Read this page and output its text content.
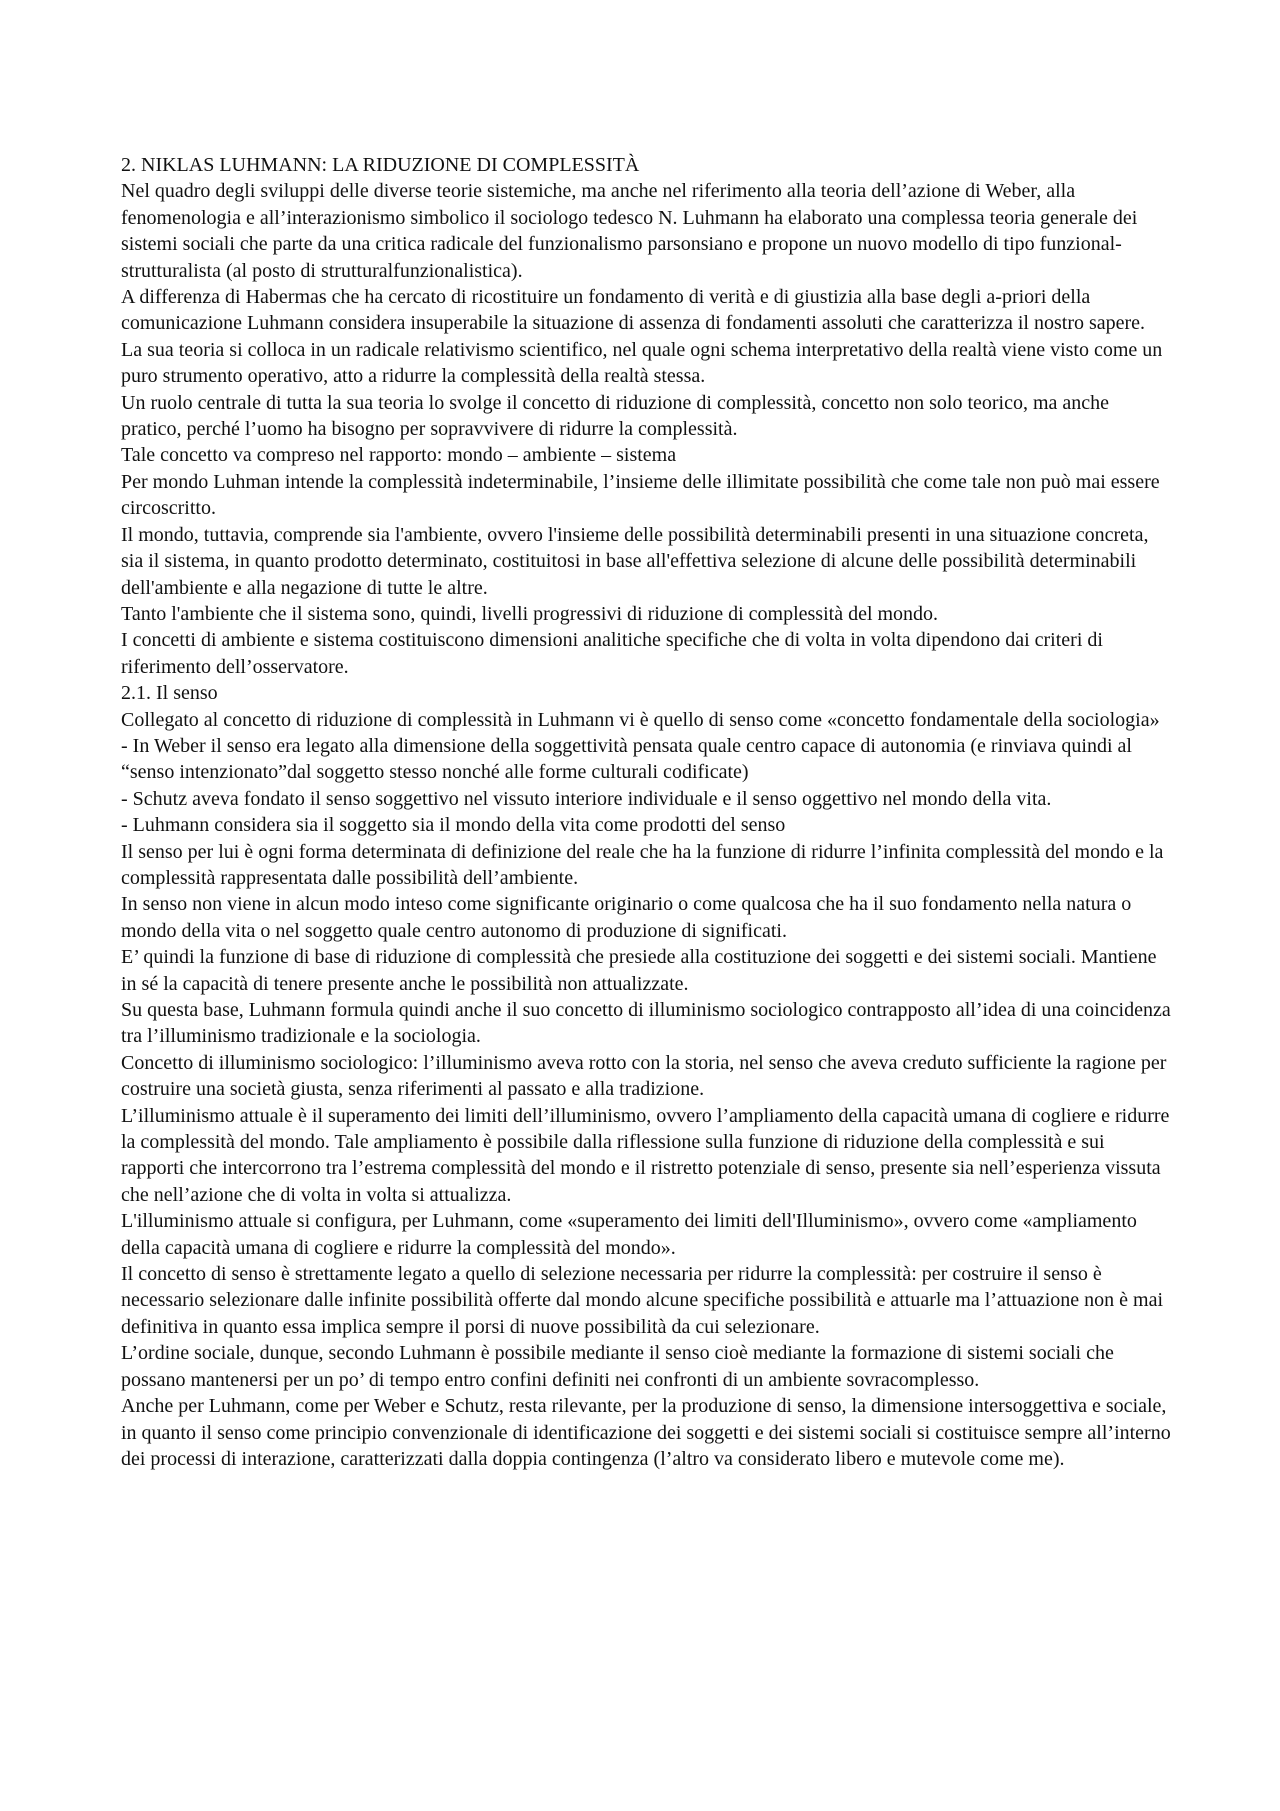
2. NIKLAS LUHMANN: LA RIDUZIONE DI COMPLESSITÀ

Nel quadro degli sviluppi delle diverse teorie sistemiche, ma anche nel riferimento alla teoria dell’azione di Weber, alla fenomenologia e all’interazionismo simbolico il sociologo tedesco N. Luhmann ha elaborato una complessa teoria generale dei sistemi sociali che parte da una critica radicale del funzionalismo parsonsiano e propone un nuovo modello di tipo funzional-strutturalista (al posto di strutturalfunzionalistica).

A differenza di Habermas che ha cercato di ricostituire un fondamento di verità e di giustizia alla base degli a-priori della comunicazione Luhmann considera insuperabile la situazione di assenza di fondamenti assoluti che caratterizza il nostro sapere. La sua teoria si colloca in un radicale relativismo scientifico, nel quale ogni schema interpretativo della realtà viene visto come un puro strumento operativo, atto a ridurre la complessità della realtà stessa.

Un ruolo centrale di tutta la sua teoria lo svolge il concetto di riduzione di complessità, concetto non solo teorico, ma anche pratico, perché l’uomo ha bisogno per sopravvivere di ridurre la complessità.

Tale concetto va compreso nel rapporto: mondo – ambiente – sistema

Per mondo Luhman intende la complessità indeterminabile, l’insieme delle illimitate possibilità che come tale non può mai essere circoscritto.

Il mondo, tuttavia, comprende sia l'ambiente, ovvero l'insieme delle possibilità determinabili presenti in una situazione concreta, sia il sistema, in quanto prodotto determinato, costituitosi in base all'effettiva selezione di alcune delle possibilità determinabili dell'ambiente e alla negazione di tutte le altre.

Tanto l'ambiente che il sistema sono, quindi, livelli progressivi di riduzione di complessità del mondo.

I concetti di ambiente e sistema costituiscono dimensioni analitiche specifiche che di volta in volta dipendono dai criteri di riferimento dell’osservatore.

2.1. Il senso

Collegato al concetto di riduzione di complessità in Luhmann vi è quello di senso come «concetto fondamentale della sociologia»

- In Weber il senso era legato alla dimensione della soggettività pensata quale centro capace di autonomia (e rinviava quindi al “senso intenzionato”dal soggetto stesso nonché alle forme culturali codificate)

- Schutz aveva fondato il senso soggettivo nel vissuto interiore individuale e il senso oggettivo nel mondo della vita.

- Luhmann considera sia il soggetto sia il mondo della vita come prodotti del senso

Il senso per lui è ogni forma determinata di definizione del reale che ha la funzione di ridurre l’infinita complessità del mondo e la complessità rappresentata dalle possibilità dell’ambiente.

In senso non viene in alcun modo inteso come significante originario o come qualcosa che ha il suo fondamento nella natura o mondo della vita o nel soggetto quale centro autonomo di produzione di significati.

E’ quindi la funzione di base di riduzione di complessità che presiede alla costituzione dei soggetti e dei sistemi sociali. Mantiene in sé la capacità di tenere presente anche le possibilità non attualizzate.

Su questa base, Luhmann formula quindi anche il suo concetto di illuminismo sociologico contrapposto all’idea di una coincidenza tra l’illuminismo tradizionale e la sociologia.

Concetto di illuminismo sociologico: l’illuminismo aveva rotto con la storia, nel senso che aveva creduto sufficiente la ragione per costruire una società giusta, senza riferimenti al passato e alla tradizione.

L’illuminismo attuale è il superamento dei limiti dell’illuminismo, ovvero l’ampliamento della capacità umana di cogliere e ridurre la complessità del mondo. Tale ampliamento è possibile dalla riflessione sulla funzione di riduzione della complessità e sui rapporti che intercorrono tra l’estrema complessità del mondo e il ristretto potenziale di senso, presente sia nell’esperienza vissuta che nell’azione che di volta in volta si attualizza.

L'illuminismo attuale si configura, per Luhmann, come «superamento dei limiti dell'Illuminismo», ovvero come «ampliamento della capacità umana di cogliere e ridurre la complessità del mondo».

Il concetto di senso è strettamente legato a quello di selezione necessaria per ridurre la complessità: per costruire il senso è necessario selezionare dalle infinite possibilità offerte dal mondo alcune specifiche possibilità e attuarle ma l’attuazione non è mai definitiva in quanto essa implica sempre il porsi di nuove possibilità da cui selezionare.

L’ordine sociale, dunque, secondo Luhmann è possibile mediante il senso cioè mediante la formazione di sistemi sociali che possano mantenersi per un po’ di tempo entro confini definiti nei confronti di un ambiente sovracomplesso.

Anche per Luhmann, come per Weber e Schutz, resta rilevante, per la produzione di senso, la dimensione intersoggettiva e sociale, in quanto il senso come principio convenzionale di identificazione dei soggetti e dei sistemi sociali si costituisce sempre all’interno dei processi di interazione, caratterizzati dalla doppia contingenza (l’altro va considerato libero e mutevole come me).
